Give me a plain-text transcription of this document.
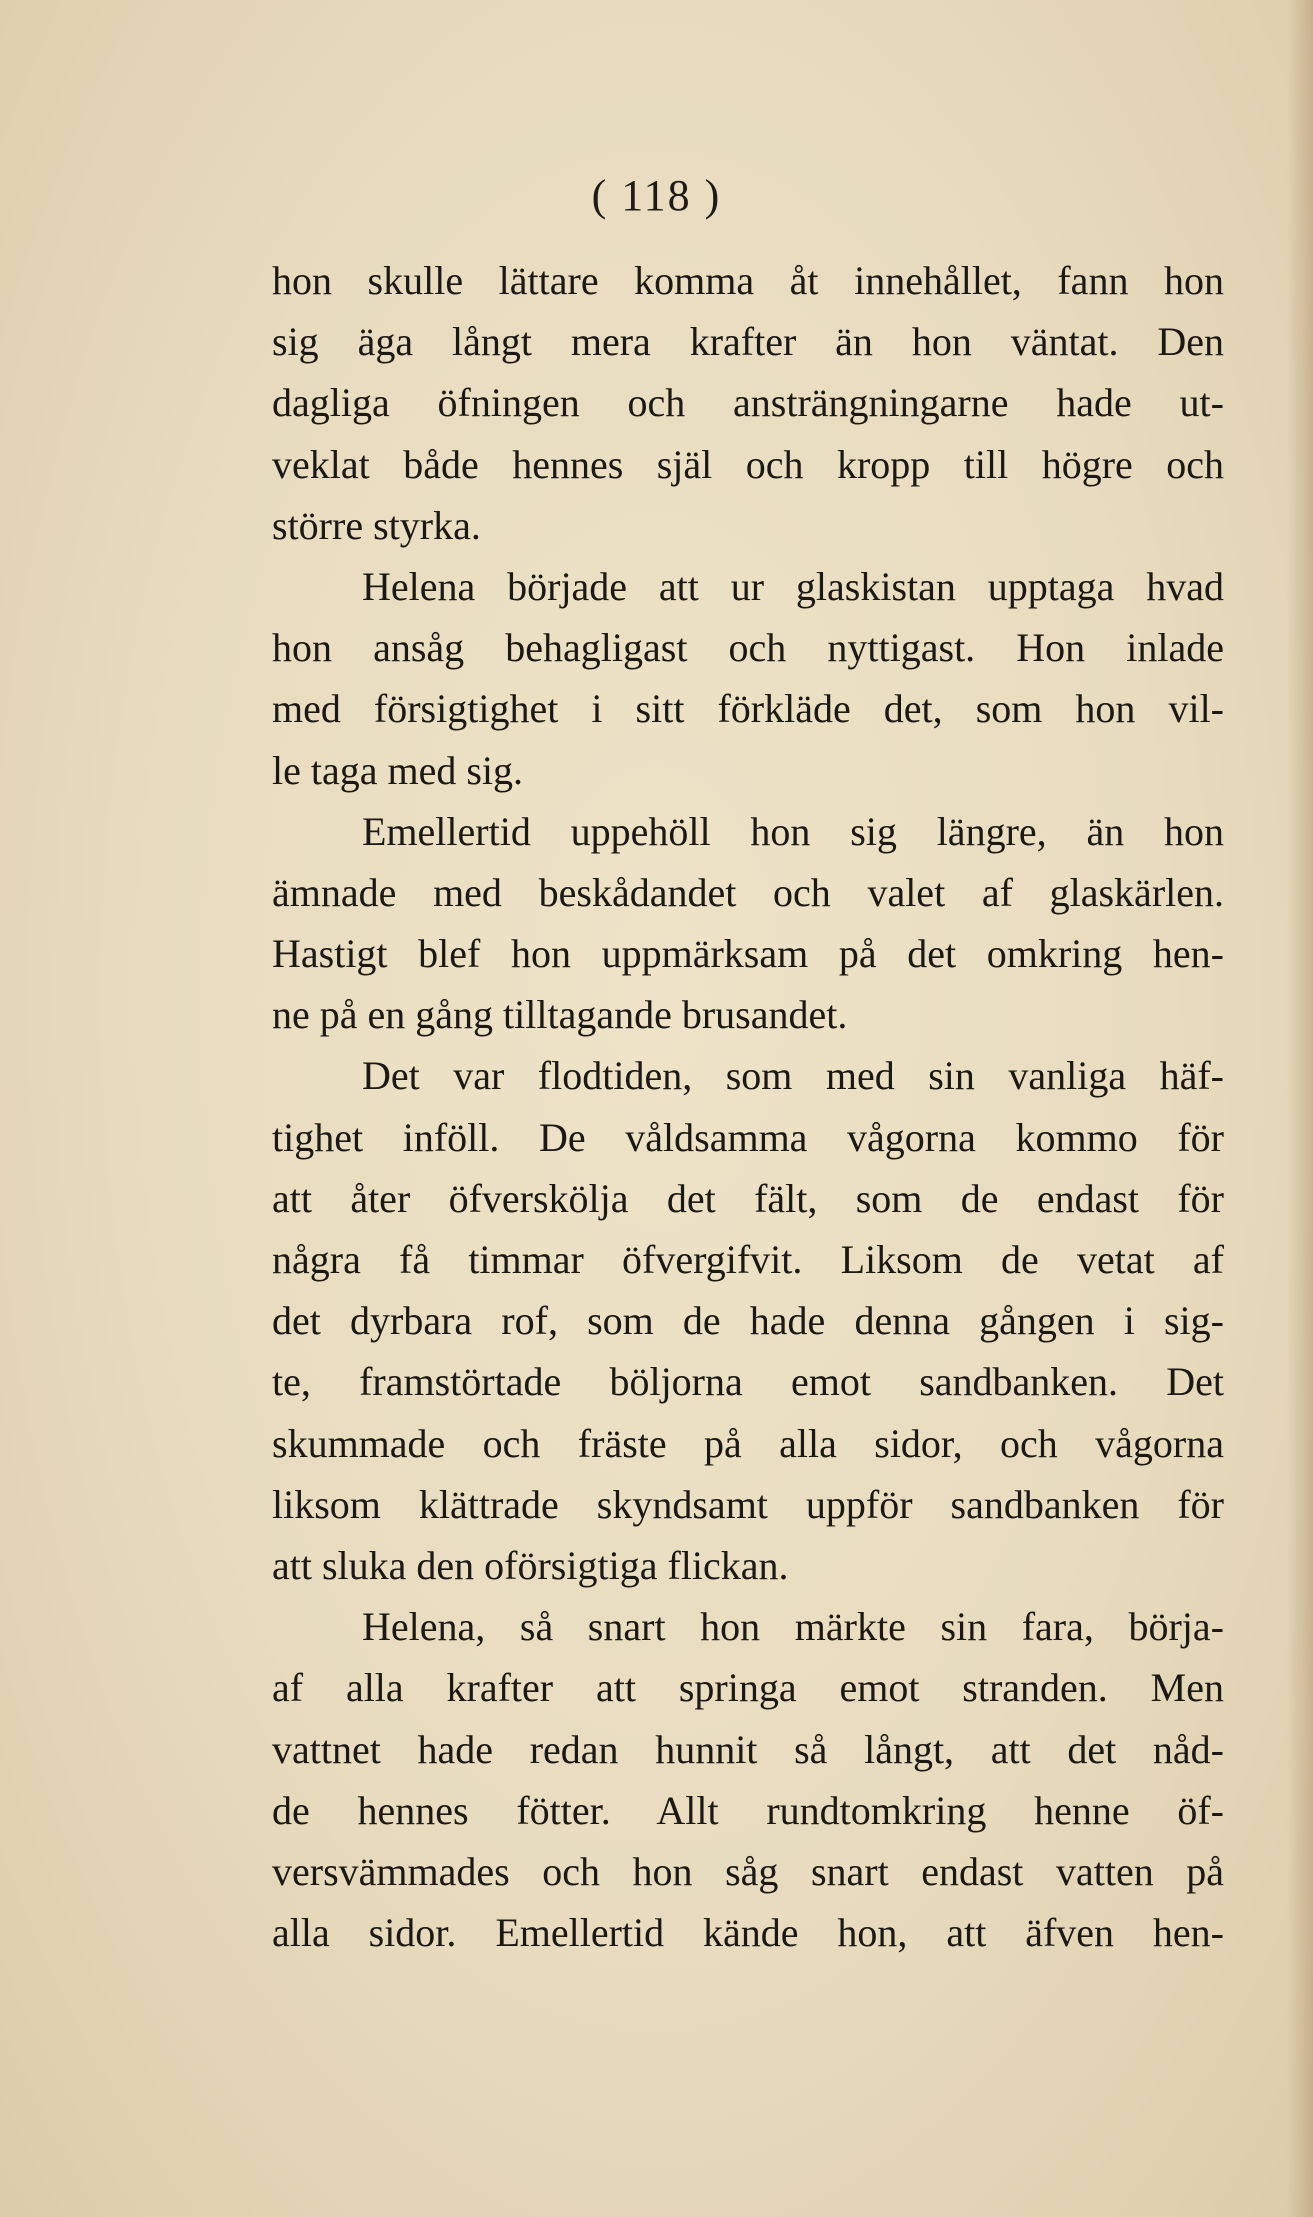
( 118 )
hon skulle lättare komma åt innehållet, fann hon
sig äga långt mera krafter än hon väntat. Den
dagliga öfningen och ansträngningarne hade ut-
veklat både hennes själ och kropp till högre och
större styrka.
Helena började att ur glaskistan upptaga hvad
hon ansåg behagligast och nyttigast. Hon inlade
med försigtighet i sitt förkläde det, som hon vil-
le taga med sig.
Emellertid uppehöll hon sig längre, än hon
ämnade med beskådandet och valet af glaskärlen.
Hastigt blef hon uppmärksam på det omkring hen-
ne på en gång tilltagande brusandet.
Det var flodtiden, som med sin vanliga häf-
tighet inföll. De våldsamma vågorna kommo för
att åter öfversköljа det fält, som de endast för
några få timmar öfvergifvit. Liksom de vetat af
det dyrbara rof, som de hade denna gången i sig-
te, framstörtade böljorna emot sandbanken. Det
skummade och fräste på alla sidor, och vågorna
liksom klättrade skyndsamt uppför sandbanken för
att sluka den oförsigtiga flickan.
Helena, så snart hon märkte sin fara, börja-
af alla krafter att springa emot stranden. Men
vattnet hade redan hunnit så långt, att det nåd-
de hennes fötter. Allt rundtomkring henne öf-
versvämmades och hon såg snart endast vatten på
alla sidor. Emellertid kände hon, att äfven hen-
